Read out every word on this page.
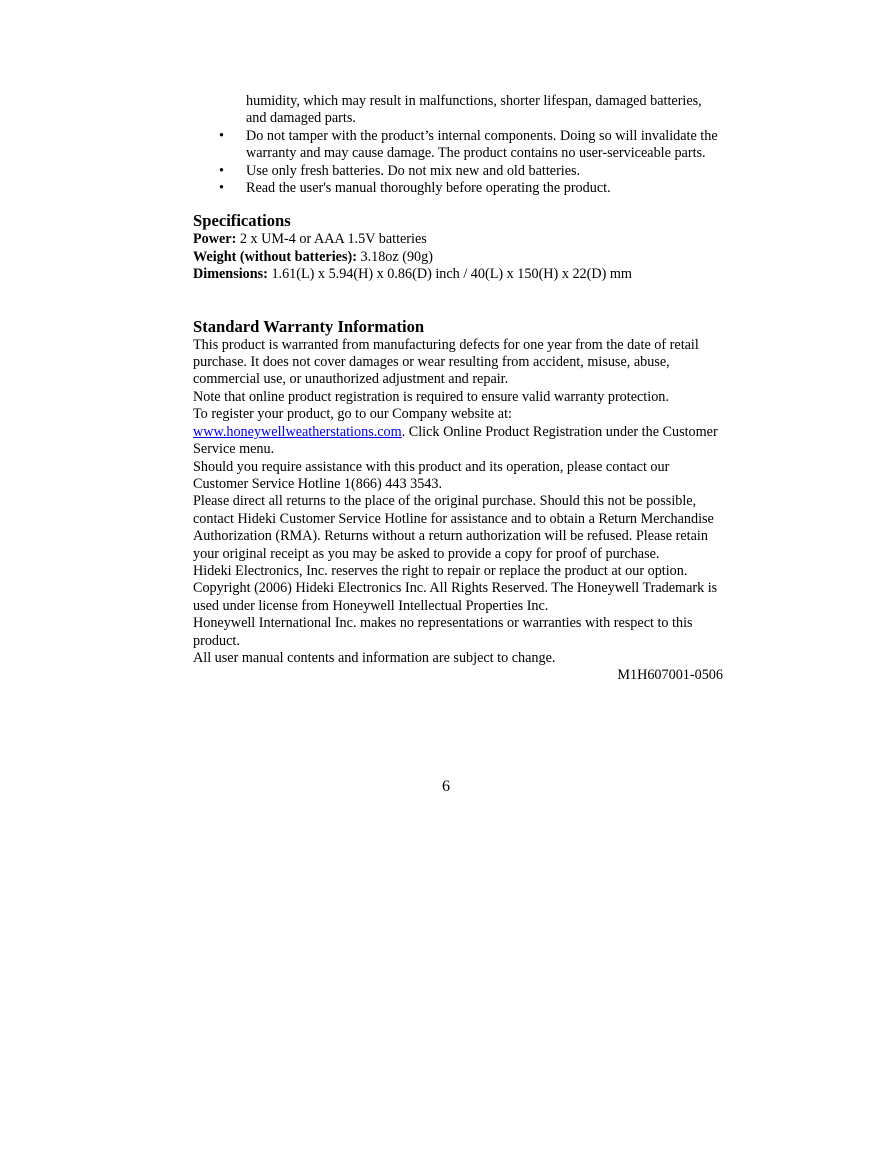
humidity, which may result in malfunctions, shorter lifespan, damaged batteries, and damaged parts.
• Do not tamper with the product’s internal components. Doing so will invalidate the warranty and may cause damage. The product contains no user-serviceable parts.
• Use only fresh batteries. Do not mix new and old batteries.
• Read the user's manual thoroughly before operating the product.
Specifications

Power: 2 x UM-4 or AAA 1.5V batteries

Weight (without batteries): 3.18oz (90g)

Dimensions: 1.61(L) x 5.94(H) x 0.86(D) inch / 40(L) x 150(H) x 22(D) mm

Standard Warranty Information

This product is warranted from manufacturing defects for one year from the date of retail purchase. It does not cover damages or wear resulting from accident, misuse, abuse, commercial use, or unauthorized adjustment and repair.

Note that online product registration is required to ensure valid warranty protection.

To register your product, go to our Company website at:

www.honeywellweatherstations.com. Click Online Product Registration under the Customer Service menu.

Should you require assistance with this product and its operation, please contact our Customer Service Hotline 1(866) 443 3543.

Please direct all returns to the place of the original purchase. Should this not be possible, contact Hideki Customer Service Hotline for assistance and to obtain a Return Merchandise Authorization (RMA). Returns without a return authorization will be refused. Please retain your original receipt as you may be asked to provide a copy for proof of purchase.

Hideki Electronics, Inc. reserves the right to repair or replace the product at our option.

Copyright (2006) Hideki Electronics Inc. All Rights Reserved. The Honeywell Trademark is used under license from Honeywell Intellectual Properties Inc.

Honeywell International Inc. makes no representations or warranties with respect to this product.

All user manual contents and information are subject to change.

M1H607001-0506

6
